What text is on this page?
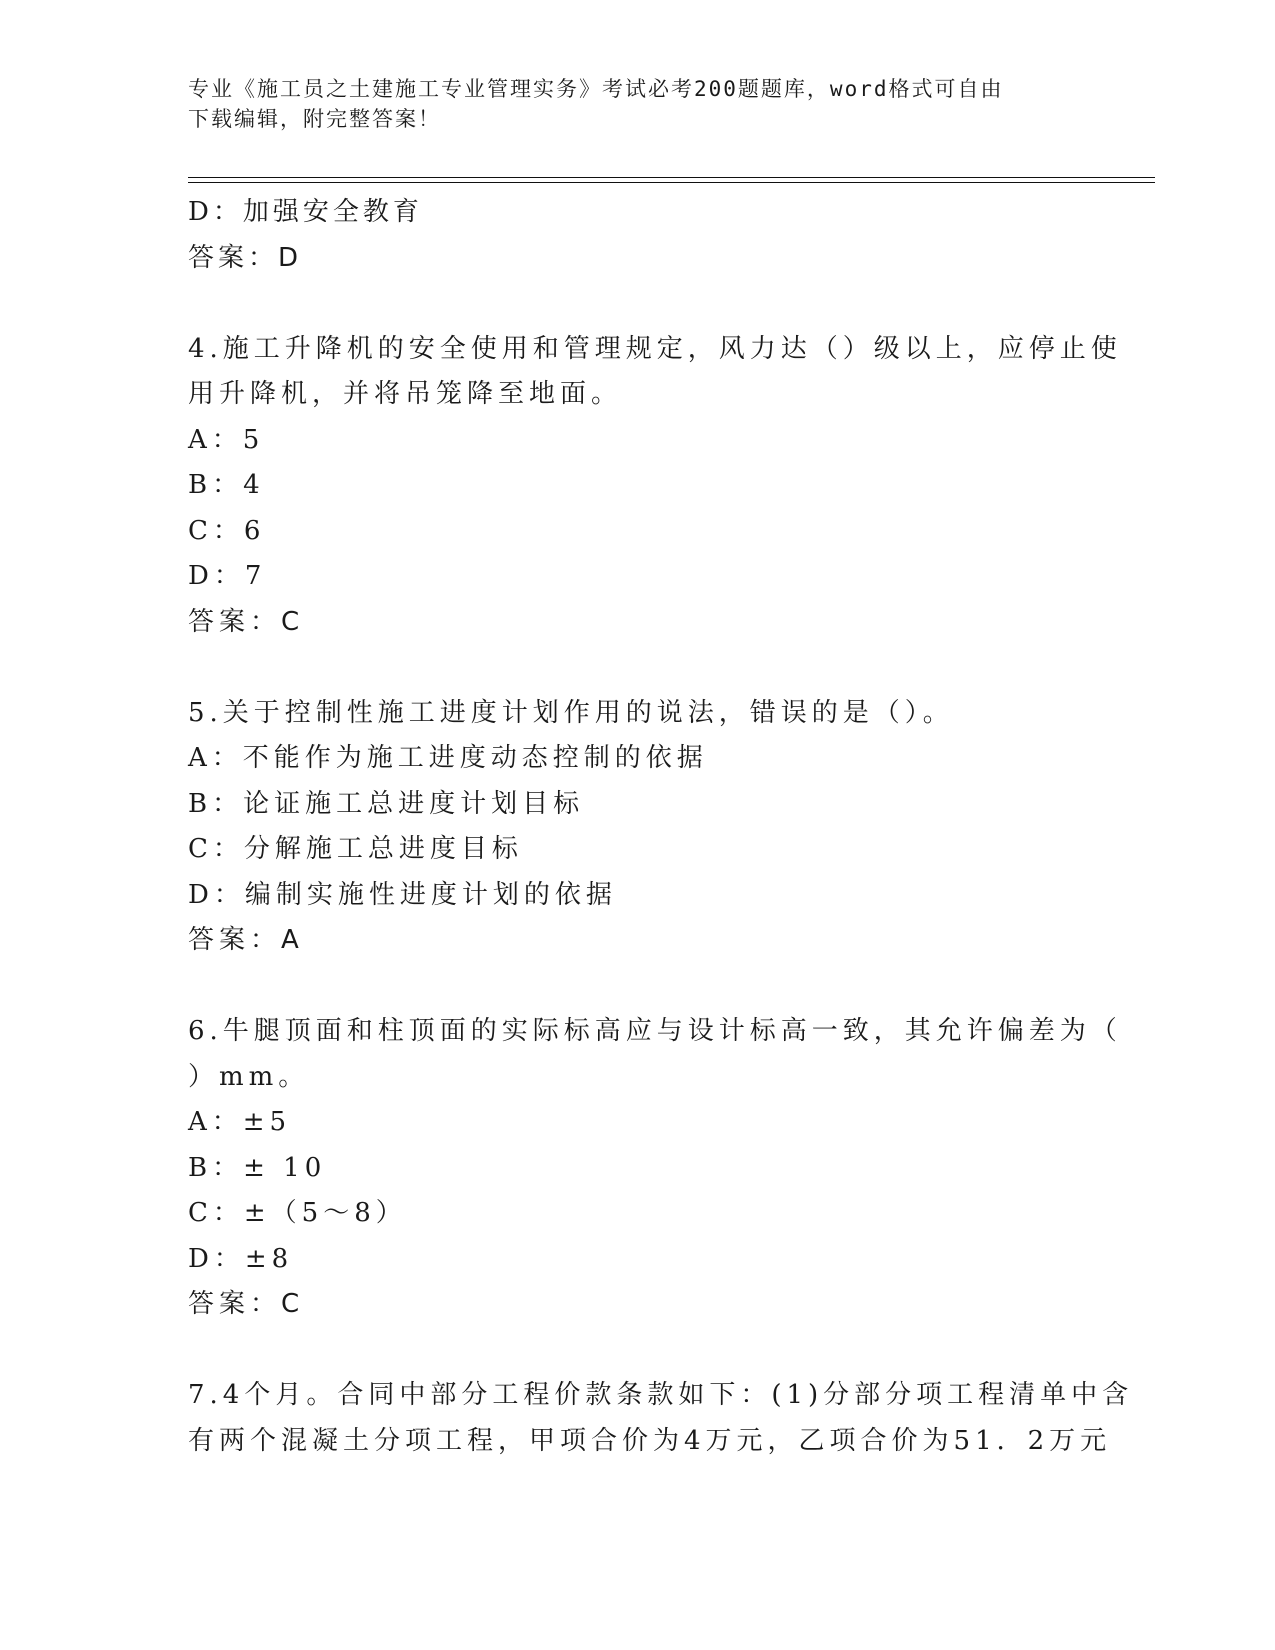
专业《施工员之土建施工专业管理实务》考试必考200题题库，word格式可自由
下载编辑，附完整答案！
D：加强安全教育
答案：D
4.施工升降机的安全使用和管理规定，风力达（）级以上，应停止使
用升降机，并将吊笼降至地面。
A：5
B：4
C：6
D：7
答案：C
5.关于控制性施工进度计划作用的说法，错误的是（）。
A：不能作为施工进度动态控制的依据
B：论证施工总进度计划目标
C：分解施工总进度目标
D：编制实施性进度计划的依据
答案：A
6.牛腿顶面和柱顶面的实际标高应与设计标高一致，其允许偏差为（
）mm。
A：±5
B：± 10
C：±（5～8）
D：±8
答案：C
7.4个月。合同中部分工程价款条款如下：(1)分部分项工程清单中含
有两个混凝土分项工程，甲项合价为4万元，乙项合价为51．2万元
